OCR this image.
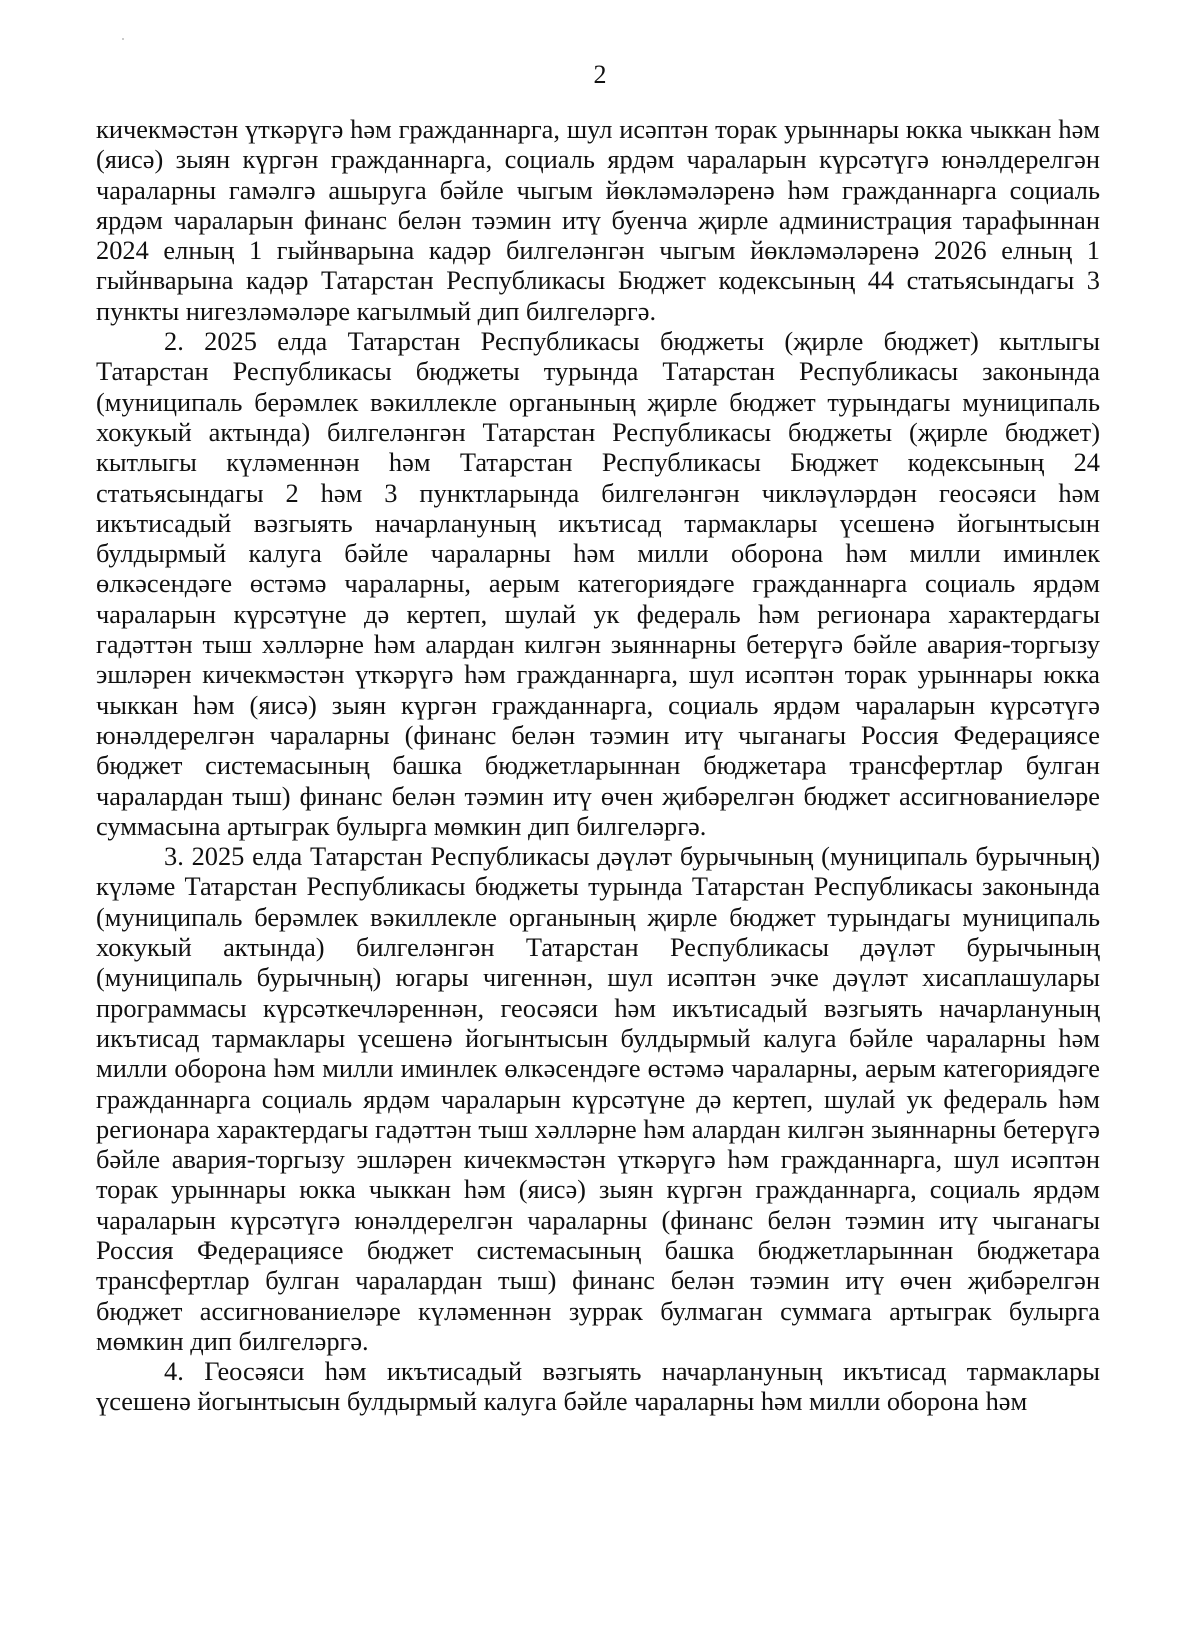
2

кичекмәстән үткәрүгә һәм гражданнарга, шул исәптән торак урыннары юкка чыккан һәм (яисә) зыян күргән гражданнарга, социаль ярдәм чараларын күрсәтүгә юнәлдерелгән чараларны гамәлгә ашыруга бәйле чыгым йөкләмәләренә һәм гражданнарга социаль ярдәм чараларын финанс белән тәэмин итү буенча җирле администрация тарафыннан 2024 елның 1 гыйнварына кадәр билгеләнгән чыгым йөкләмәләренә 2026 елның 1 гыйнварына кадәр Татарстан Республикасы Бюджет кодексының 44 статьясындагы 3 пункты нигезләмәләре кагылмый дип билгеләргә.

2. 2025 елда Татарстан Республикасы бюджеты (җирле бюджет) кытлыгы Татарстан Республикасы бюджеты турында Татарстан Республикасы законында (муниципаль берәмлек вәкиллекле органының җирле бюджет турындагы муниципаль хокукый актында) билгеләнгән Татарстан Республикасы бюджеты (җирле бюджет) кытлыгы күләменнән һәм Татарстан Республикасы Бюджет кодексының 24 статьясындагы 2 һәм 3 пунктларында билгеләнгән чикләүләрдән геосәяси һәм икътисадый вәзгыять начарлануның икътисад тармаклары үсешенә йогынтысын булдырмый калуга бәйле чараларны һәм милли оборона һәм милли иминлек өлкәсендәге өстәмә чараларны, аерым категориядәге гражданнарга социаль ярдәм чараларын күрсәтүне дә кертеп, шулай ук федераль һәм регионара характердагы гадәттән тыш хәлләрне һәм алардан килгән зыяннарны бетерүгә бәйле авария-торгызу эшләрен кичекмәстән үткәрүгә һәм гражданнарга, шул исәптән торак урыннары юкка чыккан һәм (яисә) зыян күргән гражданнарга, социаль ярдәм чараларын күрсәтүгә юнәлдерелгән чараларны (финанс белән тәэмин итү чыганагы Россия Федерациясе бюджет системасының башка бюджетларыннан бюджетара трансфертлар булган чаралардан тыш) финанс белән тәэмин итү өчен җибәрелгән бюджет ассигнованиеләре суммасына артыграк булырга мөмкин дип билгеләргә.

3. 2025 елда Татарстан Республикасы дәүләт бурычының (муниципаль бурычның) күләме Татарстан Республикасы бюджеты турында Татарстан Республикасы законында (муниципаль берәмлек вәкиллекле органының җирле бюджет турындагы муниципаль хокукый актында) билгеләнгән Татарстан Республикасы дәүләт бурычының (муниципаль бурычның) югары чигеннән, шул исәптән эчке дәүләт хисаплашулары программасы күрсәткечләреннән, геосәяси һәм икътисадый вәзгыять начарлануның икътисад тармаклары үсешенә йогынтысын булдырмый калуга бәйле чараларны һәм милли оборона һәм милли иминлек өлкәсендәге өстәмә чараларны, аерым категориядәге гражданнарга социаль ярдәм чараларын күрсәтүне дә кертеп, шулай ук федераль һәм регионара характердагы гадәттән тыш хәлләрне һәм алардан килгән зыяннарны бетерүгә бәйле авария-торгызу эшләрен кичекмәстән үткәрүгә һәм гражданнарга, шул исәптән торак урыннары юкка чыккан һәм (яисә) зыян күргән гражданнарга, социаль ярдәм чараларын күрсәтүгә юнәлдерелгән чараларны (финанс белән тәэмин итү чыганагы Россия Федерациясе бюджет системасының башка бюджетларыннан бюджетара трансфертлар булган чаралардан тыш) финанс белән тәэмин итү өчен җибәрелгән бюджет ассигнованиеләре күләменнән зуррак булмаган суммага артыграк булырга мөмкин дип билгеләргә.

4. Геосәяси һәм икътисадый вәзгыять начарлануның икътисад тармаклары үсешенә йогынтысын булдырмый калуга бәйле чараларны һәм милли оборона һәм
